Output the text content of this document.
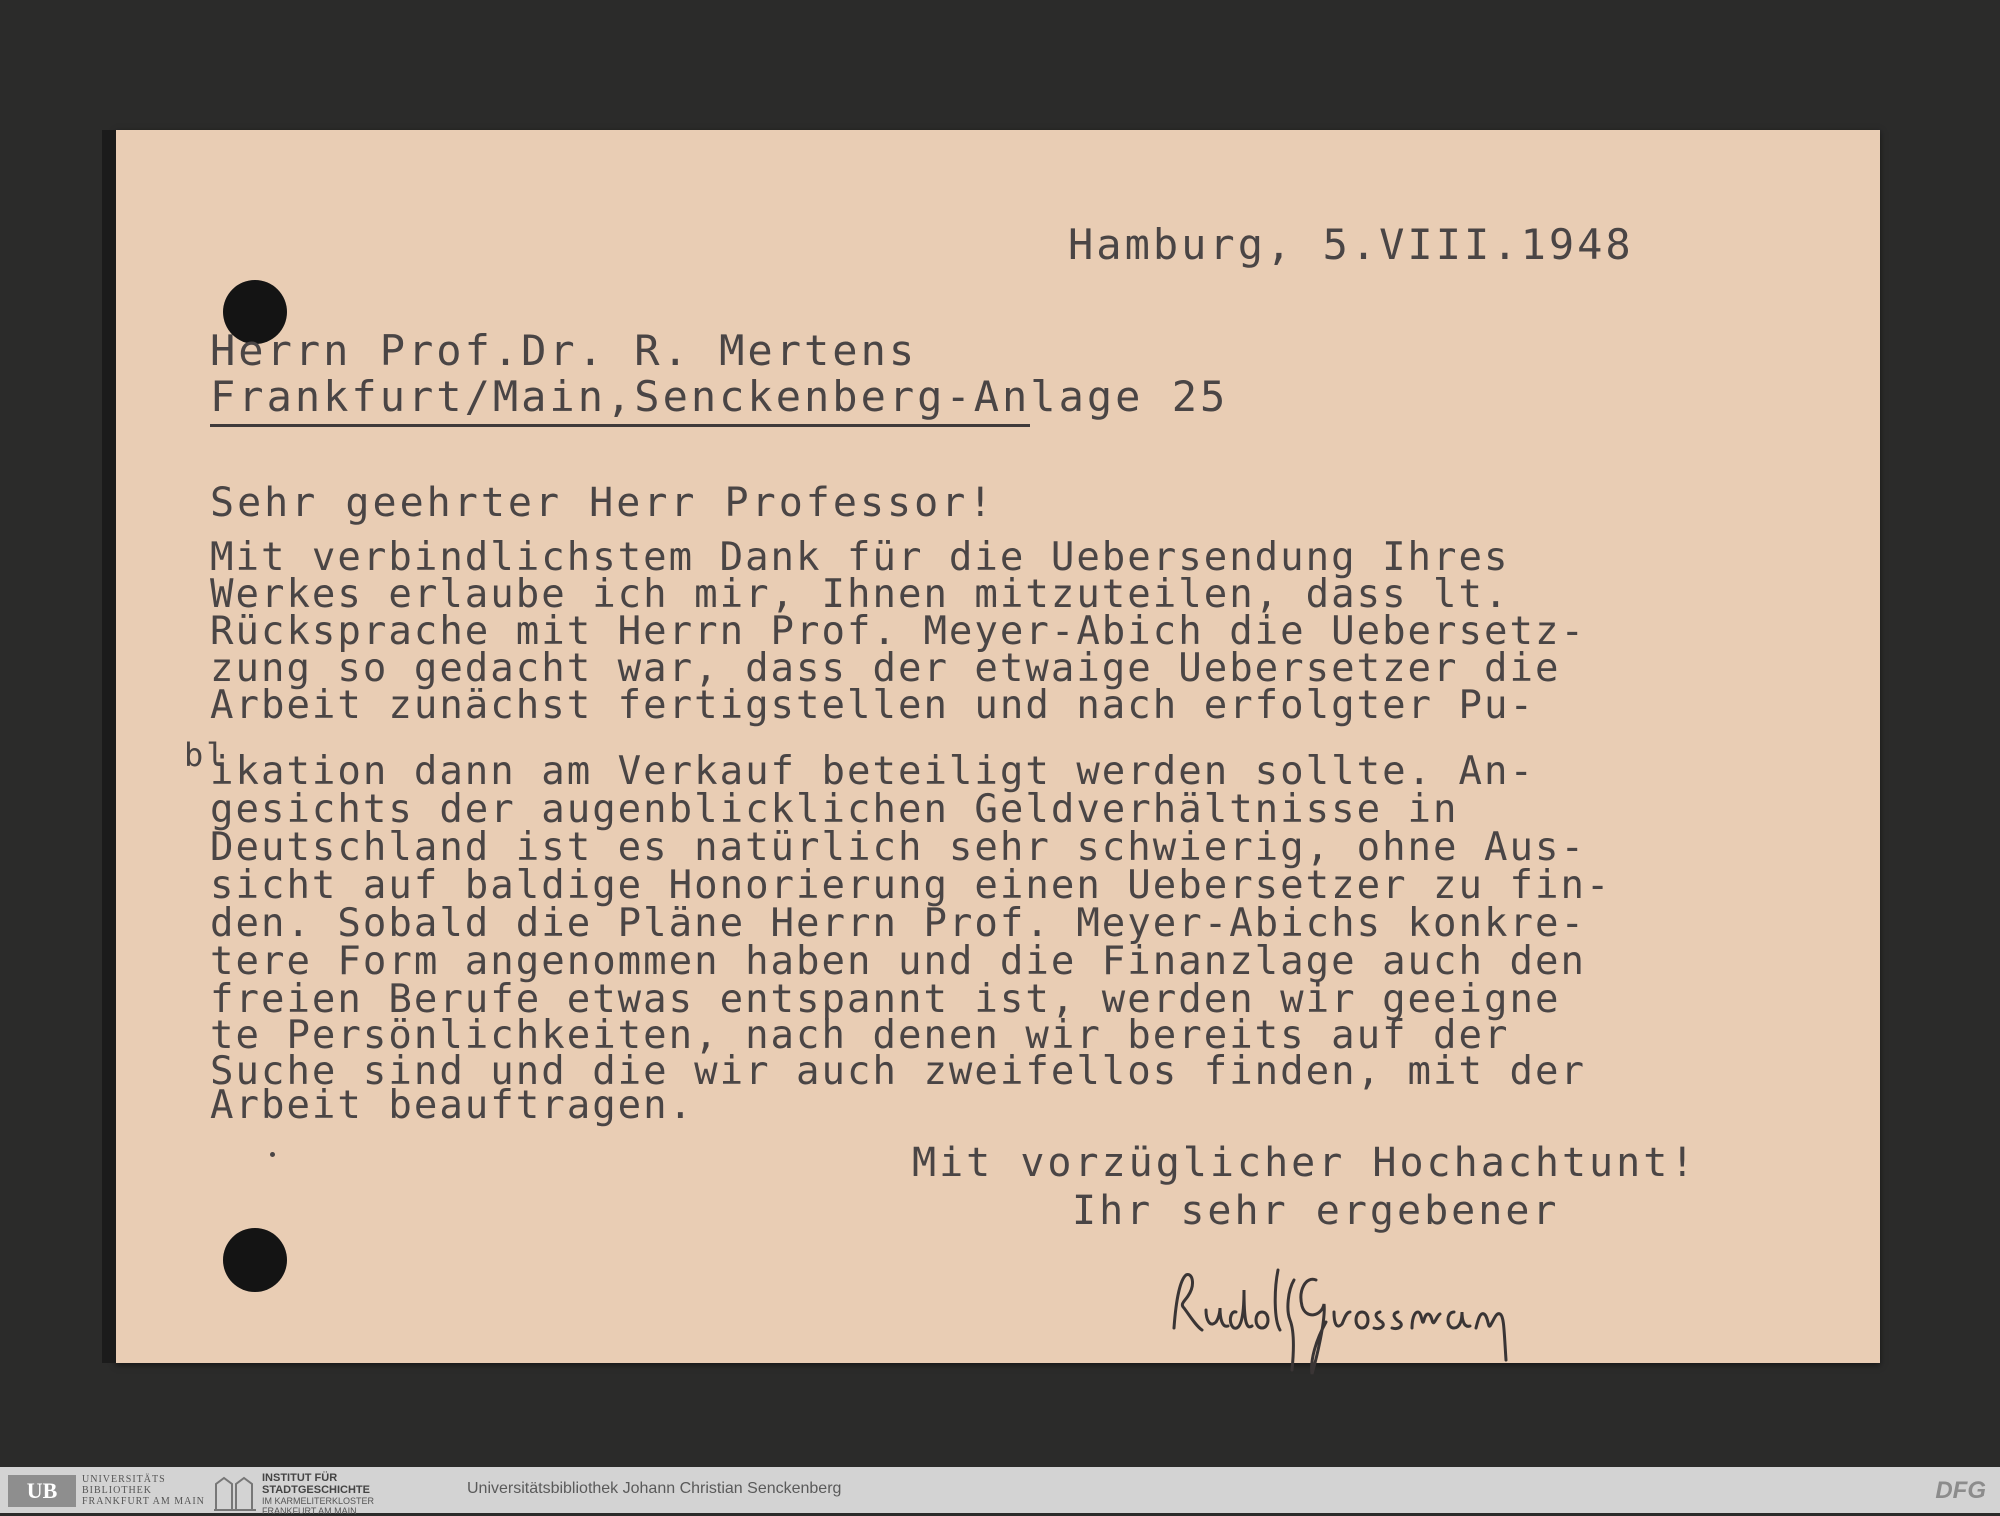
Hamburg, 5.VIII.1948
Herrn Prof.Dr. R. Mertens
Frankfurt/Main,Senckenberg-Anlage 25
Sehr geehrter Herr Professor!
Mit verbindlichstem Dank für die Uebersendung Ihres
Werkes erlaube ich mir, Ihnen mitzuteilen, dass lt.
Rücksprache mit Herrn Prof. Meyer-Abich die Uebersetz-
zung so gedacht war, dass der etwaige Uebersetzer die
Arbeit zunächst fertigstellen und nach erfolgter Pu-
bl
ikation dann am Verkauf beteiligt werden sollte. An-
gesichts der augenblicklichen Geldverhältnisse in
Deutschland ist es natürlich sehr schwierig, ohne Aus-
sicht auf baldige Honorierung einen Uebersetzer zu fin-
den. Sobald die Pläne Herrn Prof. Meyer-Abichs konkre-
tere Form angenommen haben und die Finanzlage auch den
freien Berufe etwas entspannt ist, werden wir geeigne
te Persönlichkeiten, nach denen wir bereits auf der
Suche sind und die wir auch zweifellos finden, mit der
Arbeit beauftragen.
Mit vorzüglicher Hochachtunt!
Ihr sehr ergebener
UB	UNIVERSITÄTS
BIBLIOTHEK
FRANKFURT AM MAIN
INSTITUT FÜR
STADTGESCHICHTE
IM KARMELITERKLOSTER
FRANKFURT AM MAIN
Universitätsbibliothek Johann Christian Senckenberg	DFG
